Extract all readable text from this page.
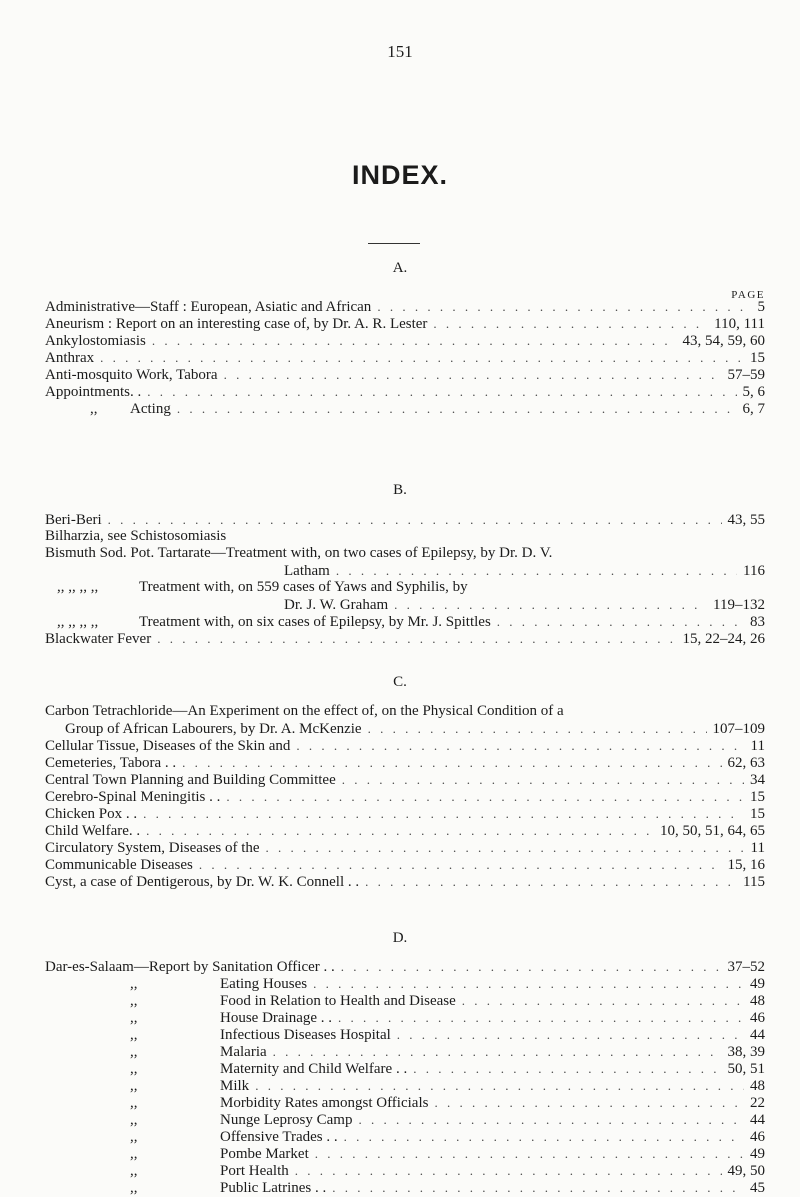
151
INDEX.
A.
PAGE
Administrative—Staff : European, Asiatic and African . . .	5
Aneurism : Report on an interesting case of, by Dr. A. R. Lester . . .	110, 111
Ankylostomiasis . . .	43, 54, 59, 60
Anthrax . . .	15
Anti-mosquito Work, Tabora . . .	57–59
Appointments. . . . .	5, 6
,,	Acting . . .	6, 7
B.
Beri-Beri . . .	43, 55
Bilharzia, see Schistosomiasis
Bismuth Sod. Pot. Tartarate—Treatment with, on two cases of Epilepsy, by Dr. D. V.
Latham . . .	116
,, ,, ,, ,,	Treatment with, on 559 cases of Yaws and Syphilis, by
Dr. J. W. Graham . . .	119–132
,, ,, ,, ,,	Treatment with, on six cases of Epilepsy, by Mr. J. Spittles . . .	83
Blackwater Fever . . .	15, 22–24, 26
C.
Carbon Tetrachloride—An Experiment on the effect of, on the Physical Condition of a
Group of African Labourers, by Dr. A. McKenzie . . .	107–109
Cellular Tissue, Diseases of the Skin and . . .	11
Cemeteries, Tabora . . . . .	62, 63
Central Town Planning and Building Committee . . .	34
Cerebro-Spinal Meningitis . . . . .	15
Chicken Pox . . . . .	15
Child Welfare. . . . .	10, 50, 51, 64, 65
Circulatory System, Diseases of the . . .	11
Communicable Diseases . . .	15, 16
Cyst, a case of Dentigerous, by Dr. W. K. Connell . . . . .	115
D.
Dar-es-Salaam—Report by Sanitation Officer . . . . .	37–52
,,	Eating Houses . . .	49
,,	Food in Relation to Health and Disease . . .	48
,,	House Drainage . . . . .	46
,,	Infectious Diseases Hospital . . .	44
,,	Malaria . . .	38, 39
,,	Maternity and Child Welfare . . . . .	50, 51
,,	Milk . . .	48
,,	Morbidity Rates amongst Officials . . .	22
,,	Nunge Leprosy Camp . . .	44
,,	Offensive Trades . . . . .	46
,,	Pombe Market . . .	49
,,	Port Health . . .	49, 50
,,	Public Latrines . . . . .	45
